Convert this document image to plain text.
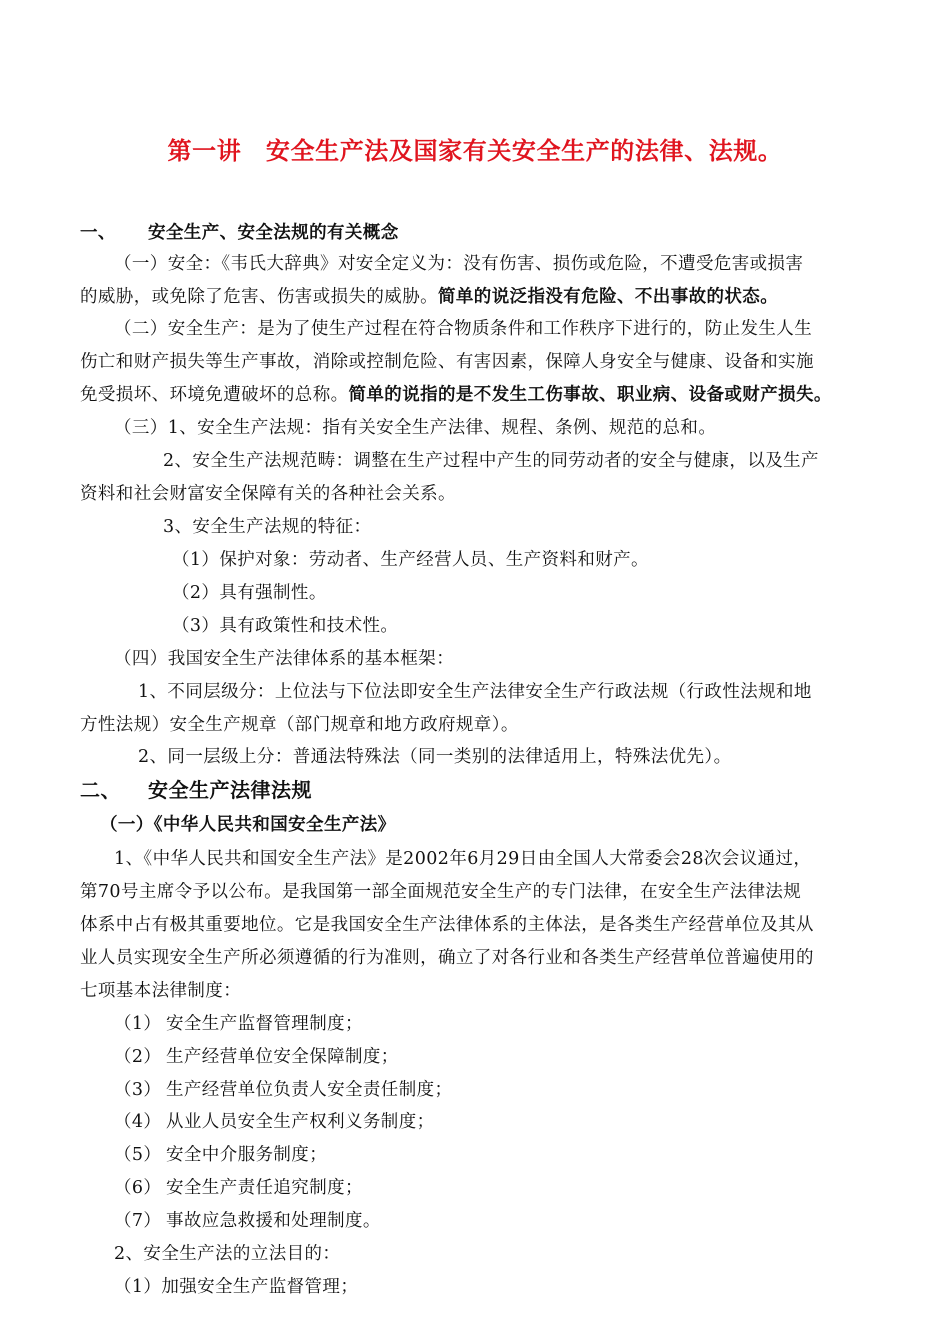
第一讲　安全生产法及国家有关安全生产的法律、法规。
一、 安全生产、安全法规的有关概念
（一）安全：《韦氏大辞典》对安全定义为：没有伤害、损伤或危险，不遭受危害或损害
的威胁，或免除了危害、伤害或损失的威胁。简单的说泛指没有危险、不出事故的状态。
（二）安全生产：是为了使生产过程在符合物质条件和工作秩序下进行的，防止发生人生
伤亡和财产损失等生产事故，消除或控制危险、有害因素，保障人身安全与健康、设备和实施
免受损坏、环境免遭破坏的总称。简单的说指的是不发生工伤事故、职业病、设备或财产损失。
（三）1、安全生产法规：指有关安全生产法律、规程、条例、规范的总和。
2、安全生产法规范畴：调整在生产过程中产生的同劳动者的安全与健康，以及生产
资料和社会财富安全保障有关的各种社会关系。
3、安全生产法规的特征：
（1）保护对象：劳动者、生产经营人员、生产资料和财产。
（2）具有强制性。
（3）具有政策性和技术性。
（四）我国安全生产法律体系的基本框架：
1、不同层级分：上位法与下位法即安全生产法律安全生产行政法规（行政性法规和地
方性法规）安全生产规章（部门规章和地方政府规章）。
2、同一层级上分：普通法特殊法（同一类别的法律适用上，特殊法优先）。
二、 安全生产法律法规
（一）《中华人民共和国安全生产法》
1、《中华人民共和国安全生产法》是2002年6月29日由全国人大常委会28次会议通过，
第70号主席令予以公布。是我国第一部全面规范安全生产的专门法律，在安全生产法律法规
体系中占有极其重要地位。它是我国安全生产法律体系的主体法，是各类生产经营单位及其从
业人员实现安全生产所必须遵循的行为准则，确立了对各行业和各类生产经营单位普遍使用的
七项基本法律制度：
（1） 安全生产监督管理制度；
（2） 生产经营单位安全保障制度；
（3） 生产经营单位负责人安全责任制度；
（4） 从业人员安全生产权利义务制度；
（5） 安全中介服务制度；
（6） 安全生产责任追究制度；
（7） 事故应急救援和处理制度。
2、安全生产法的立法目的：
（1）加强安全生产监督管理；
